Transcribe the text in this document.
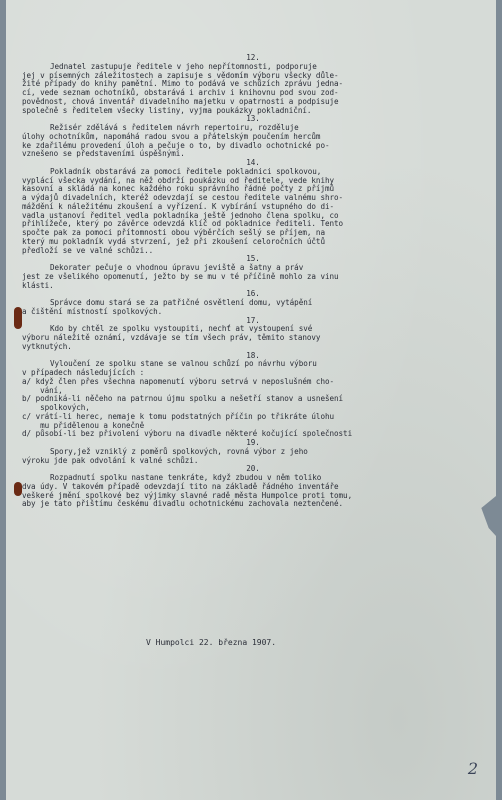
12.
Jednatel zastupuje ředitele v jeho nepřítomnosti, podporuje
jej v písemných záležitostech a zapisuje s vědomím výboru všecky důle-
žité případy do knihy pamětní. Mimo to podává ve schůzích zprávu jedna-
cí, vede seznam ochotníků, obstarává i archiv i knihovnu pod svou zod-
povědnost, chová inventář divadelního majetku v opatrnosti a podpisuje
společně s ředitelem všecky listiny, vyjma poukázky pokladniční.
13.
Režisér zdělává s ředitelem návrh repertoiru, rozděluje
úlohy ochotníkům, napomáhá radou svou a přátelským poučením hercům
ke zdařilému provedení úloh a pečuje o to, by divadlo ochotnické po-
vznešeno se představeními úspěšnými.
14.
Pokladník obstarává za pomoci ředitele pokladnici spolkovou,
vyplácí všecka vydání, na něž obdrží poukázku od ředitele, vede knihy
kasovní a skládá na konec každého roku správního řádné počty z příjmů
a výdajů divadelních, kteréž odevzdají se cestou ředitele valnému shro-
máždění k náležitému zkoušení a vyřízení. K vybírání vstupného do di-
vadla ustanoví ředitel vedla pokladníka ještě jednoho člena spolku, co
přihlížeče, který po závěrce odevzdá klíč od pokladnice řediteli. Tento
spočte pak za pomoci přítomnosti obou výběrčích sešlý se příjem, na
který mu pokladník vydá stvrzení, jež při zkoušení celoročních účtů
předloží se ve valné schůzi..
15.
Dekorater pečuje o vhodnou úpravu jeviště a šatny a práv
jest ze všelikého opomenutí, ježto by se mu v té příčině mohlo za vinu
klásti.
16.
Správce domu stará se za patřičné osvětlení domu, vytápění
a čištění místností spolkových.
17.
Kdo by chtěl ze spolku vystoupiti, nechť at vystoupení své
výboru náležitě oznámí, vzdávaje se tím všech práv, těmito stanovy
vytknutých.
18.
Vyloučení ze spolku stane se valnou schůzí po návrhu výboru
v případech následujících :
a/ když člen přes všechna napomenutí výboru setrvá v neposlušném cho-
vání,
b/ podniká-li něčeho na patrnou újmu spolku a nešetří stanov a usnešení
spolkových,
c/ vrátí-li herec, nemaje k tomu podstatných příčin po třikráte úlohu
mu přidělenou a konečně
d/ působí-li bez přivolení výboru na divadle některé kočující společnosti
19.
Spory,jež vzniklý z poměrů spolkových, rovná výbor z jeho
výroku jde pak odvolání k valné schůzi.
20.
Rozpadnutí spolku nastane tenkráte, když zbudou v něm toliko
dva údy. V takovém případě odevzdají tito na základě řádného inventáře
veškeré jmění spolkové bez výjimky slavné radě města Humpolce proti tomu,
aby je tato přištímu českému divadlu ochotnickému zachovala neztenčené.
V Humpolci 22. března 1907.
2
